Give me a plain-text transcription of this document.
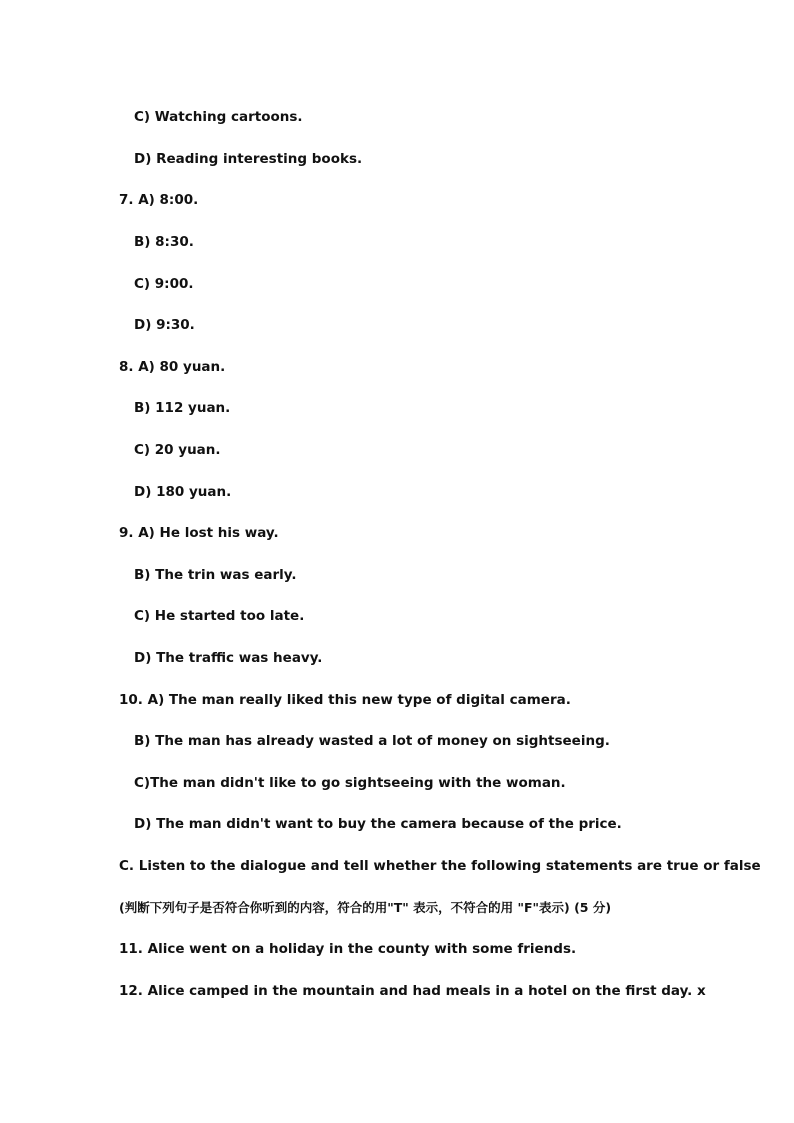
C) Watching cartoons.
D) Reading interesting books.
7. A) 8:00.
B) 8:30.
C) 9:00.
D) 9:30.
8. A) 80 yuan.
B) 112 yuan.
C) 20 yuan.
D) 180 yuan.
9. A) He lost his way.
B) The trin was early.
C) He started too late.
D) The traffic was heavy.
10. A) The man really liked this new type of digital camera.
B) The man has already wasted a lot of money on sightseeing.
C)The man didn't like to go sightseeing with the woman.
D) The man didn't want to buy the camera because of the price.
C. Listen to the dialogue and tell whether the following statements are true or false
(判断下列句子是否符合你听到的内容，符合的用"T" 表示，不符合的用 "F"表示) (5 分)
11. Alice went on a holiday in the county with some friends.
12. Alice camped in the mountain and had meals in a hotel on the first day. x
